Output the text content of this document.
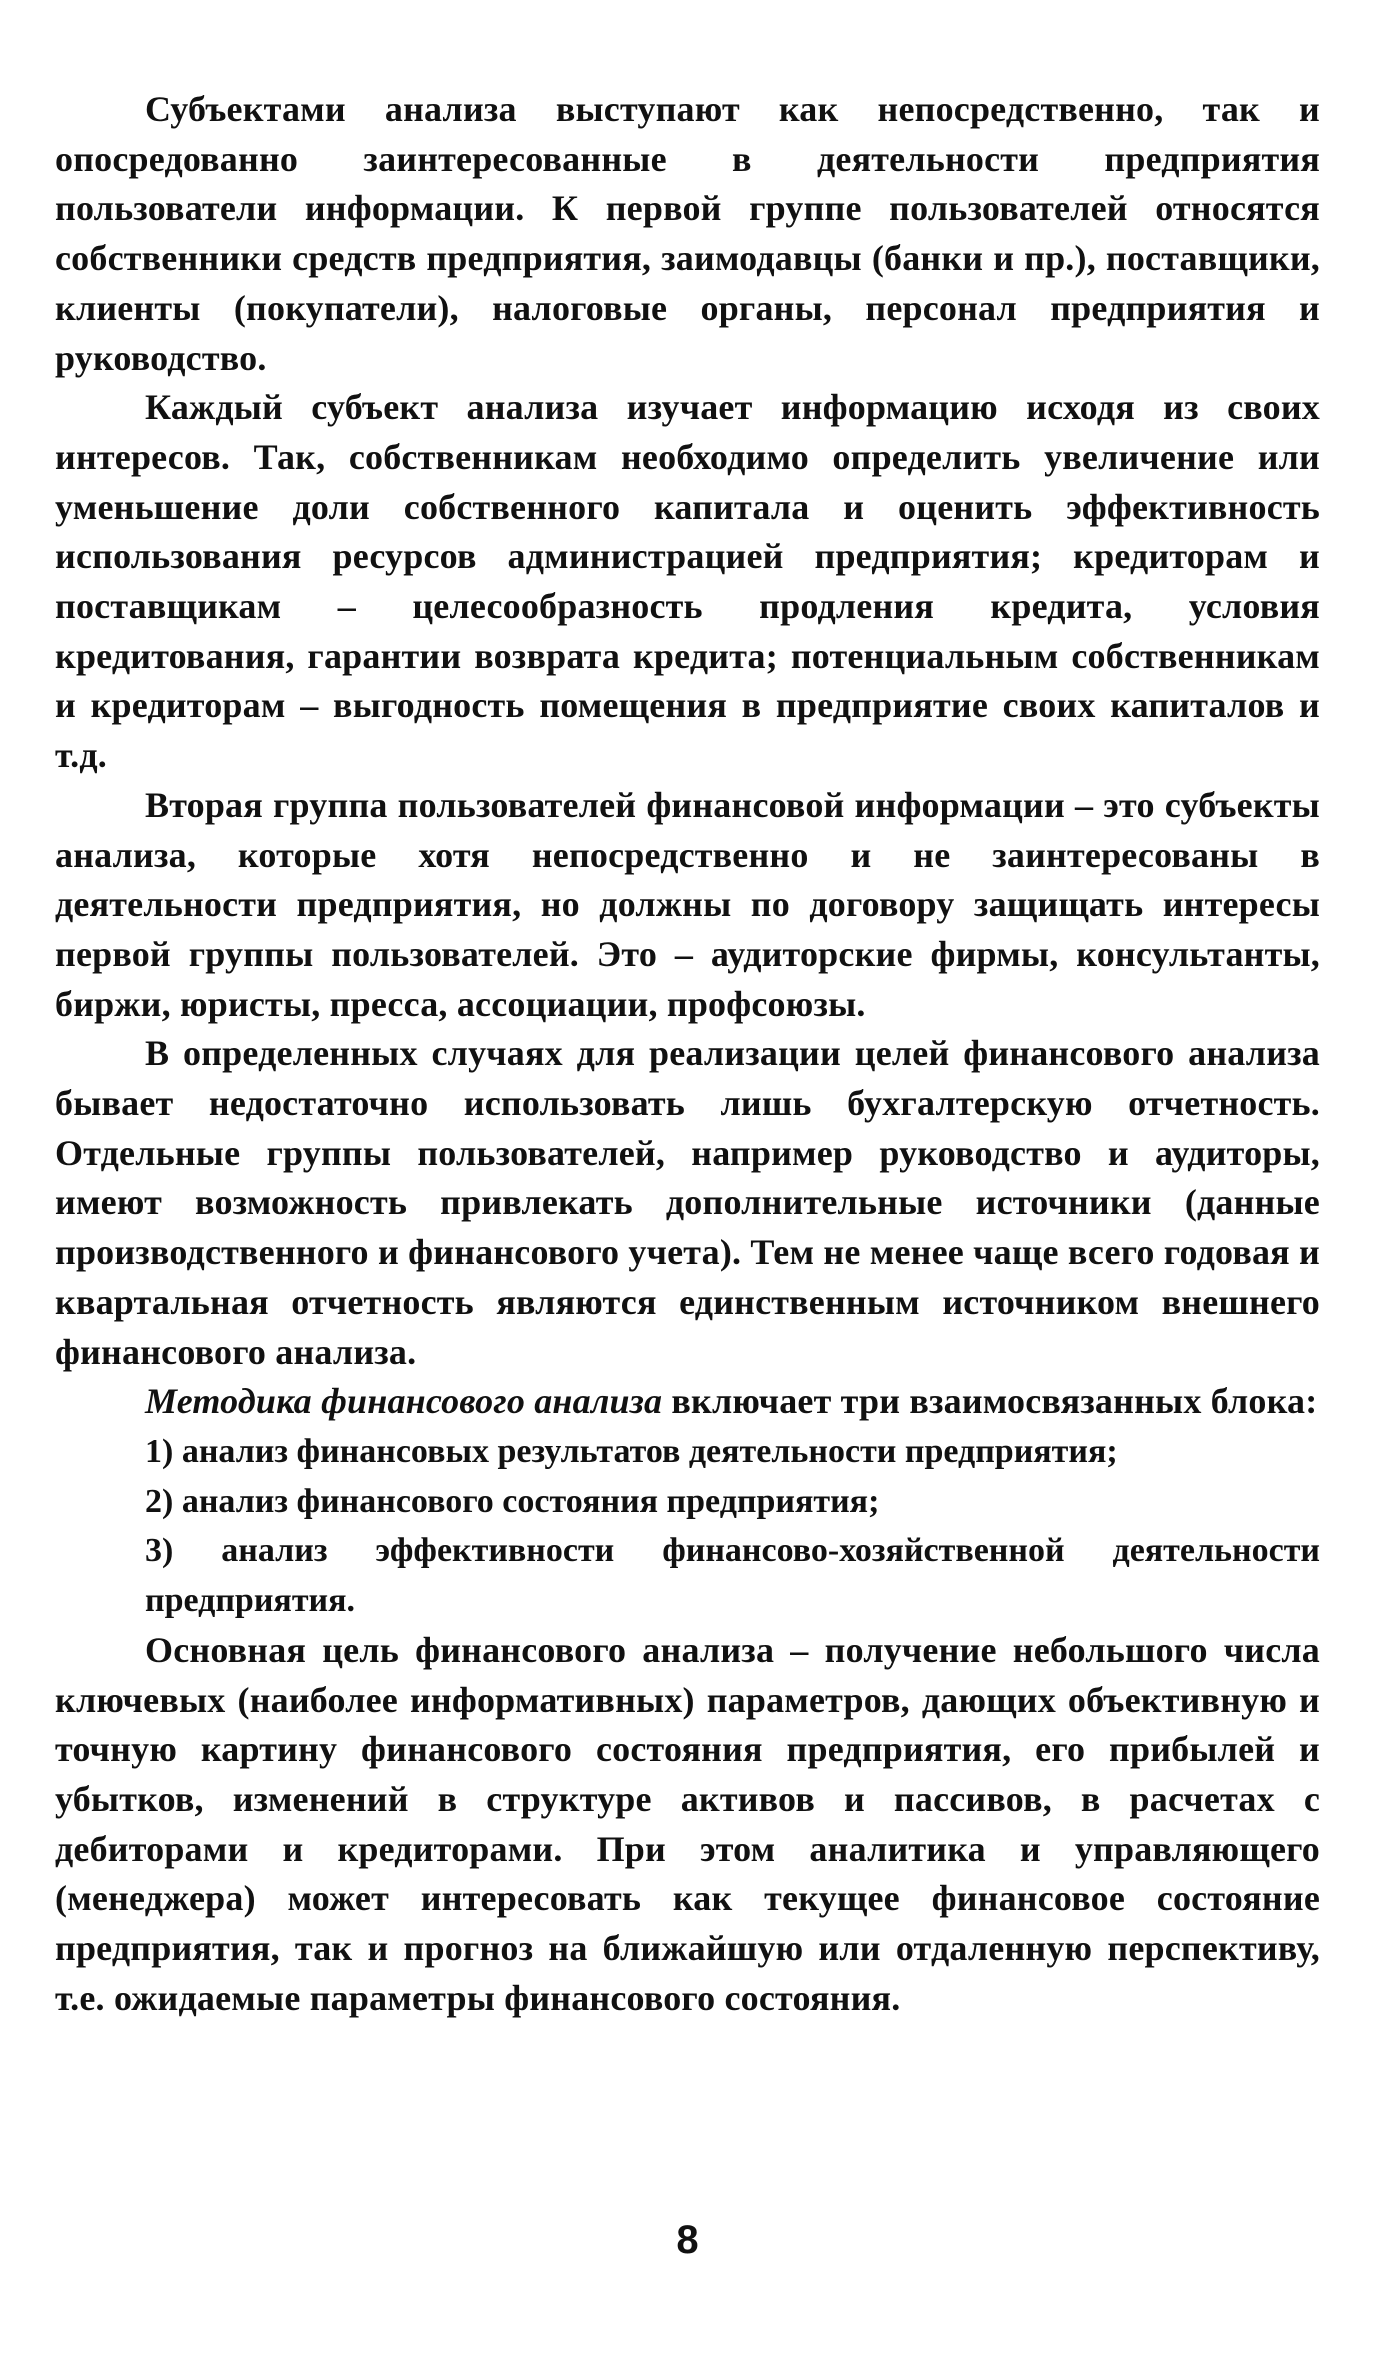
Субъектами анализа выступают как непосредственно, так и опосредованно заинтересованные в деятельности предприятия пользователи информации. К первой группе пользователей относятся собственники средств предприятия, заимодавцы (банки и пр.), поставщики, клиенты (покупатели), налоговые органы, персонал предприятия и руководство.

Каждый субъект анализа изучает информацию исходя из своих интересов. Так, собственникам необходимо определить увеличение или уменьшение доли собственного капитала и оценить эффективность использования ресурсов администрацией предприятия; кредиторам и поставщикам – целесообразность продления кредита, условия кредитования, гарантии возврата кредита; потенциальным собственникам и кредиторам – выгодность помещения в предприятие своих капиталов и т.д.

Вторая группа пользователей финансовой информации – это субъекты анализа, которые хотя непосредственно и не заинтересованы в деятельности предприятия, но должны по договору защищать интересы первой группы пользователей. Это – аудиторские фирмы, консультанты, биржи, юристы, пресса, ассоциации, профсоюзы.

В определенных случаях для реализации целей финансового анализа бывает недостаточно использовать лишь бухгалтерскую отчетность. Отдельные группы пользователей, например руководство и аудиторы, имеют возможность привлекать дополнительные источники (данные производственного и финансового учета). Тем не менее чаще всего годовая и квартальная отчетность являются единственным источником внешнего финансового анализа.

Методика финансового анализа включает три взаимосвязанных блока:

1) анализ финансовых результатов деятельности предприятия;
2) анализ финансового состояния предприятия;
3) анализ эффективности финансово-хозяйственной деятельности предприятия.

Основная цель финансового анализа – получение небольшого числа ключевых (наиболее информативных) параметров, дающих объективную и точную картину финансового состояния предприятия, его прибылей и убытков, изменений в структуре активов и пассивов, в расчетах с дебиторами и кредиторами. При этом аналитика и управляющего (менеджера) может интересовать как текущее финансовое состояние предприятия, так и прогноз на ближайшую или отдаленную перспективу, т.е. ожидаемые параметры финансового состояния.

8
